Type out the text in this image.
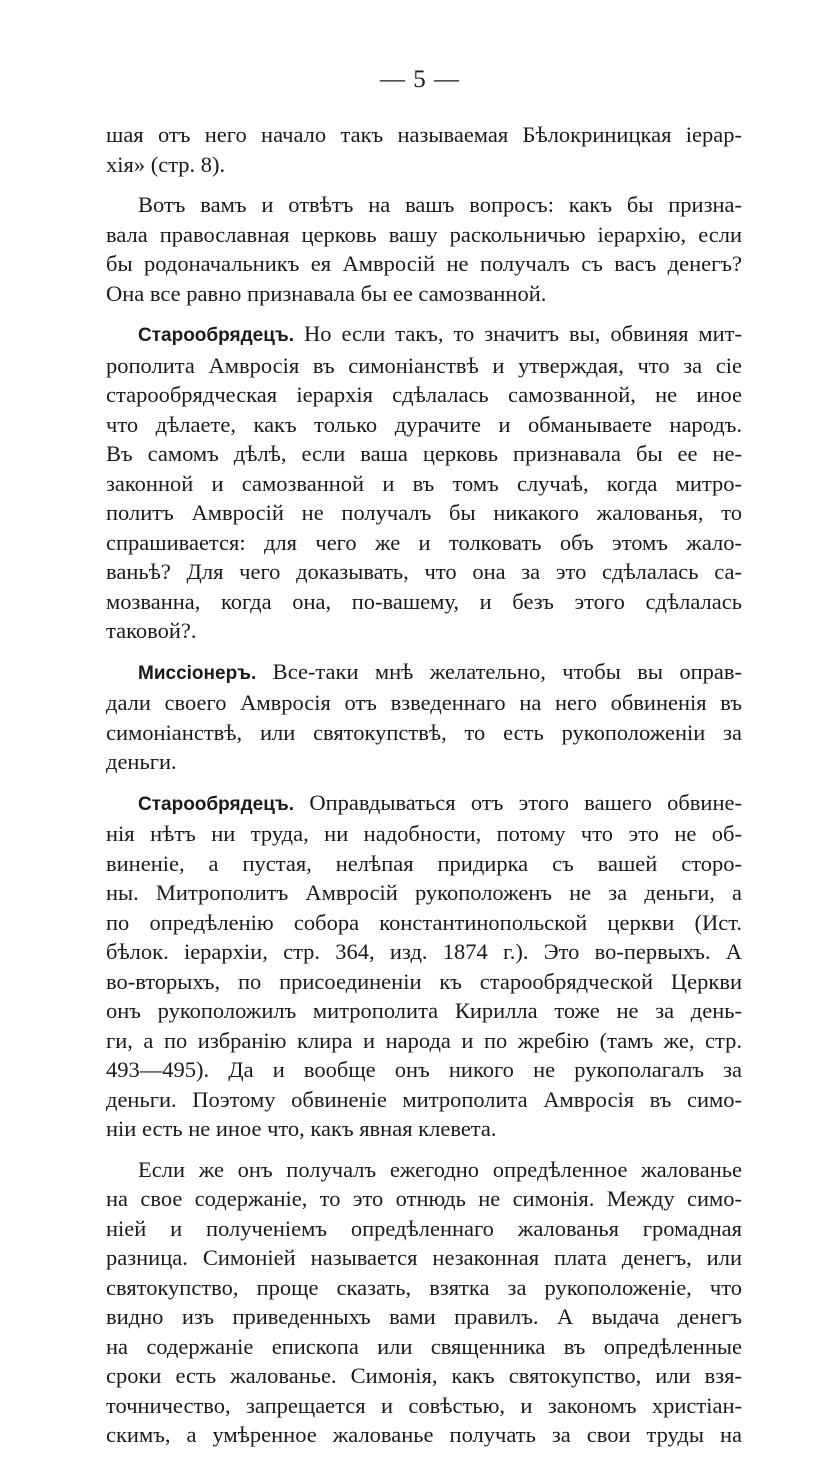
— 5 —

шая отъ него начало такъ называемая Бѣлокриницкая іерар-
хія» (стр. 8).

Вотъ вамъ и отвѣтъ на вашъ вопросъ: какъ бы призна-
вала православная церковь вашу раскольничью іерархію, если
бы родоначальникъ ея Амвросій не получалъ съ васъ денегъ?
Она все равно признавала бы ее самозванной.

Старообрядецъ. Но если такъ, то значитъ вы, обвиняя мит-
рополита Амвросія въ симоніанствѣ и утверждая, что за сіе
старообрядческая іерархія сдѣлалась самозванной, не иное
что дѣлаете, какъ только дурачите и обманываете народъ.
Въ самомъ дѣлѣ, если ваша церковь признавала бы ее не-
законной и самозванной и въ томъ случаѣ, когда митро-
политъ Амвросій не получалъ бы никакого жалованья, то
спрашивается: для чего же и толковать объ этомъ жало-
ваньѣ? Для чего доказывать, что она за это сдѣлалась са-
мозванна, когда она, по-вашему, и безъ этого сдѣлалась
таковой?.

Миссіонеръ. Все-таки мнѣ желательно, чтобы вы оправ-
дали своего Амвросія отъ взведеннаго на него обвиненія въ
симоніанствѣ, или святокупствѣ, то есть рукоположеніи за
деньги.

Старообрядецъ. Оправдываться отъ этого вашего обвине-
нія нѣтъ ни труда, ни надобности, потому что это не об-
виненіе, а пустая, нелѣпая придирка съ вашей сторо-
ны. Митрополитъ Амвросій рукоположенъ не за деньги, а
по опредѣленію собора константинопольской церкви (Ист.
бѣлок. іерархіи, стр. 364, изд. 1874 г.). Это во-первыхъ. А
во-вторыхъ, по присоединеніи къ старообрядческой Церкви
онъ рукоположилъ митрополита Кирилла тоже не за день-
ги, а по избранію клира и народа и по жребію (тамъ же, стр.
493—495). Да и вообще онъ никого не рукополагалъ за
деньги. Поэтому обвиненіе митрополита Амвросія въ симо-
ніи есть не иное что, какъ явная клевета.

Если же онъ получалъ ежегодно опредѣленное жалованье
на свое содержаніе, то это отнюдь не симонія. Между симо-
ніей и полученіемъ опредѣленнаго жалованья громадная
разница. Симоніей называется незаконная плата денегъ, или
святокупство, проще сказать, взятка за рукоположеніе, что
видно изъ приведенныхъ вами правилъ. А выдача денегъ
на содержаніе епископа или священника въ опредѣленные
сроки есть жалованье. Симонія, какъ святокупство, или взя-
точничество, запрещается и совѣстью, и закономъ христіан-
скимъ, а умѣренное жалованье получать за свои труды на
